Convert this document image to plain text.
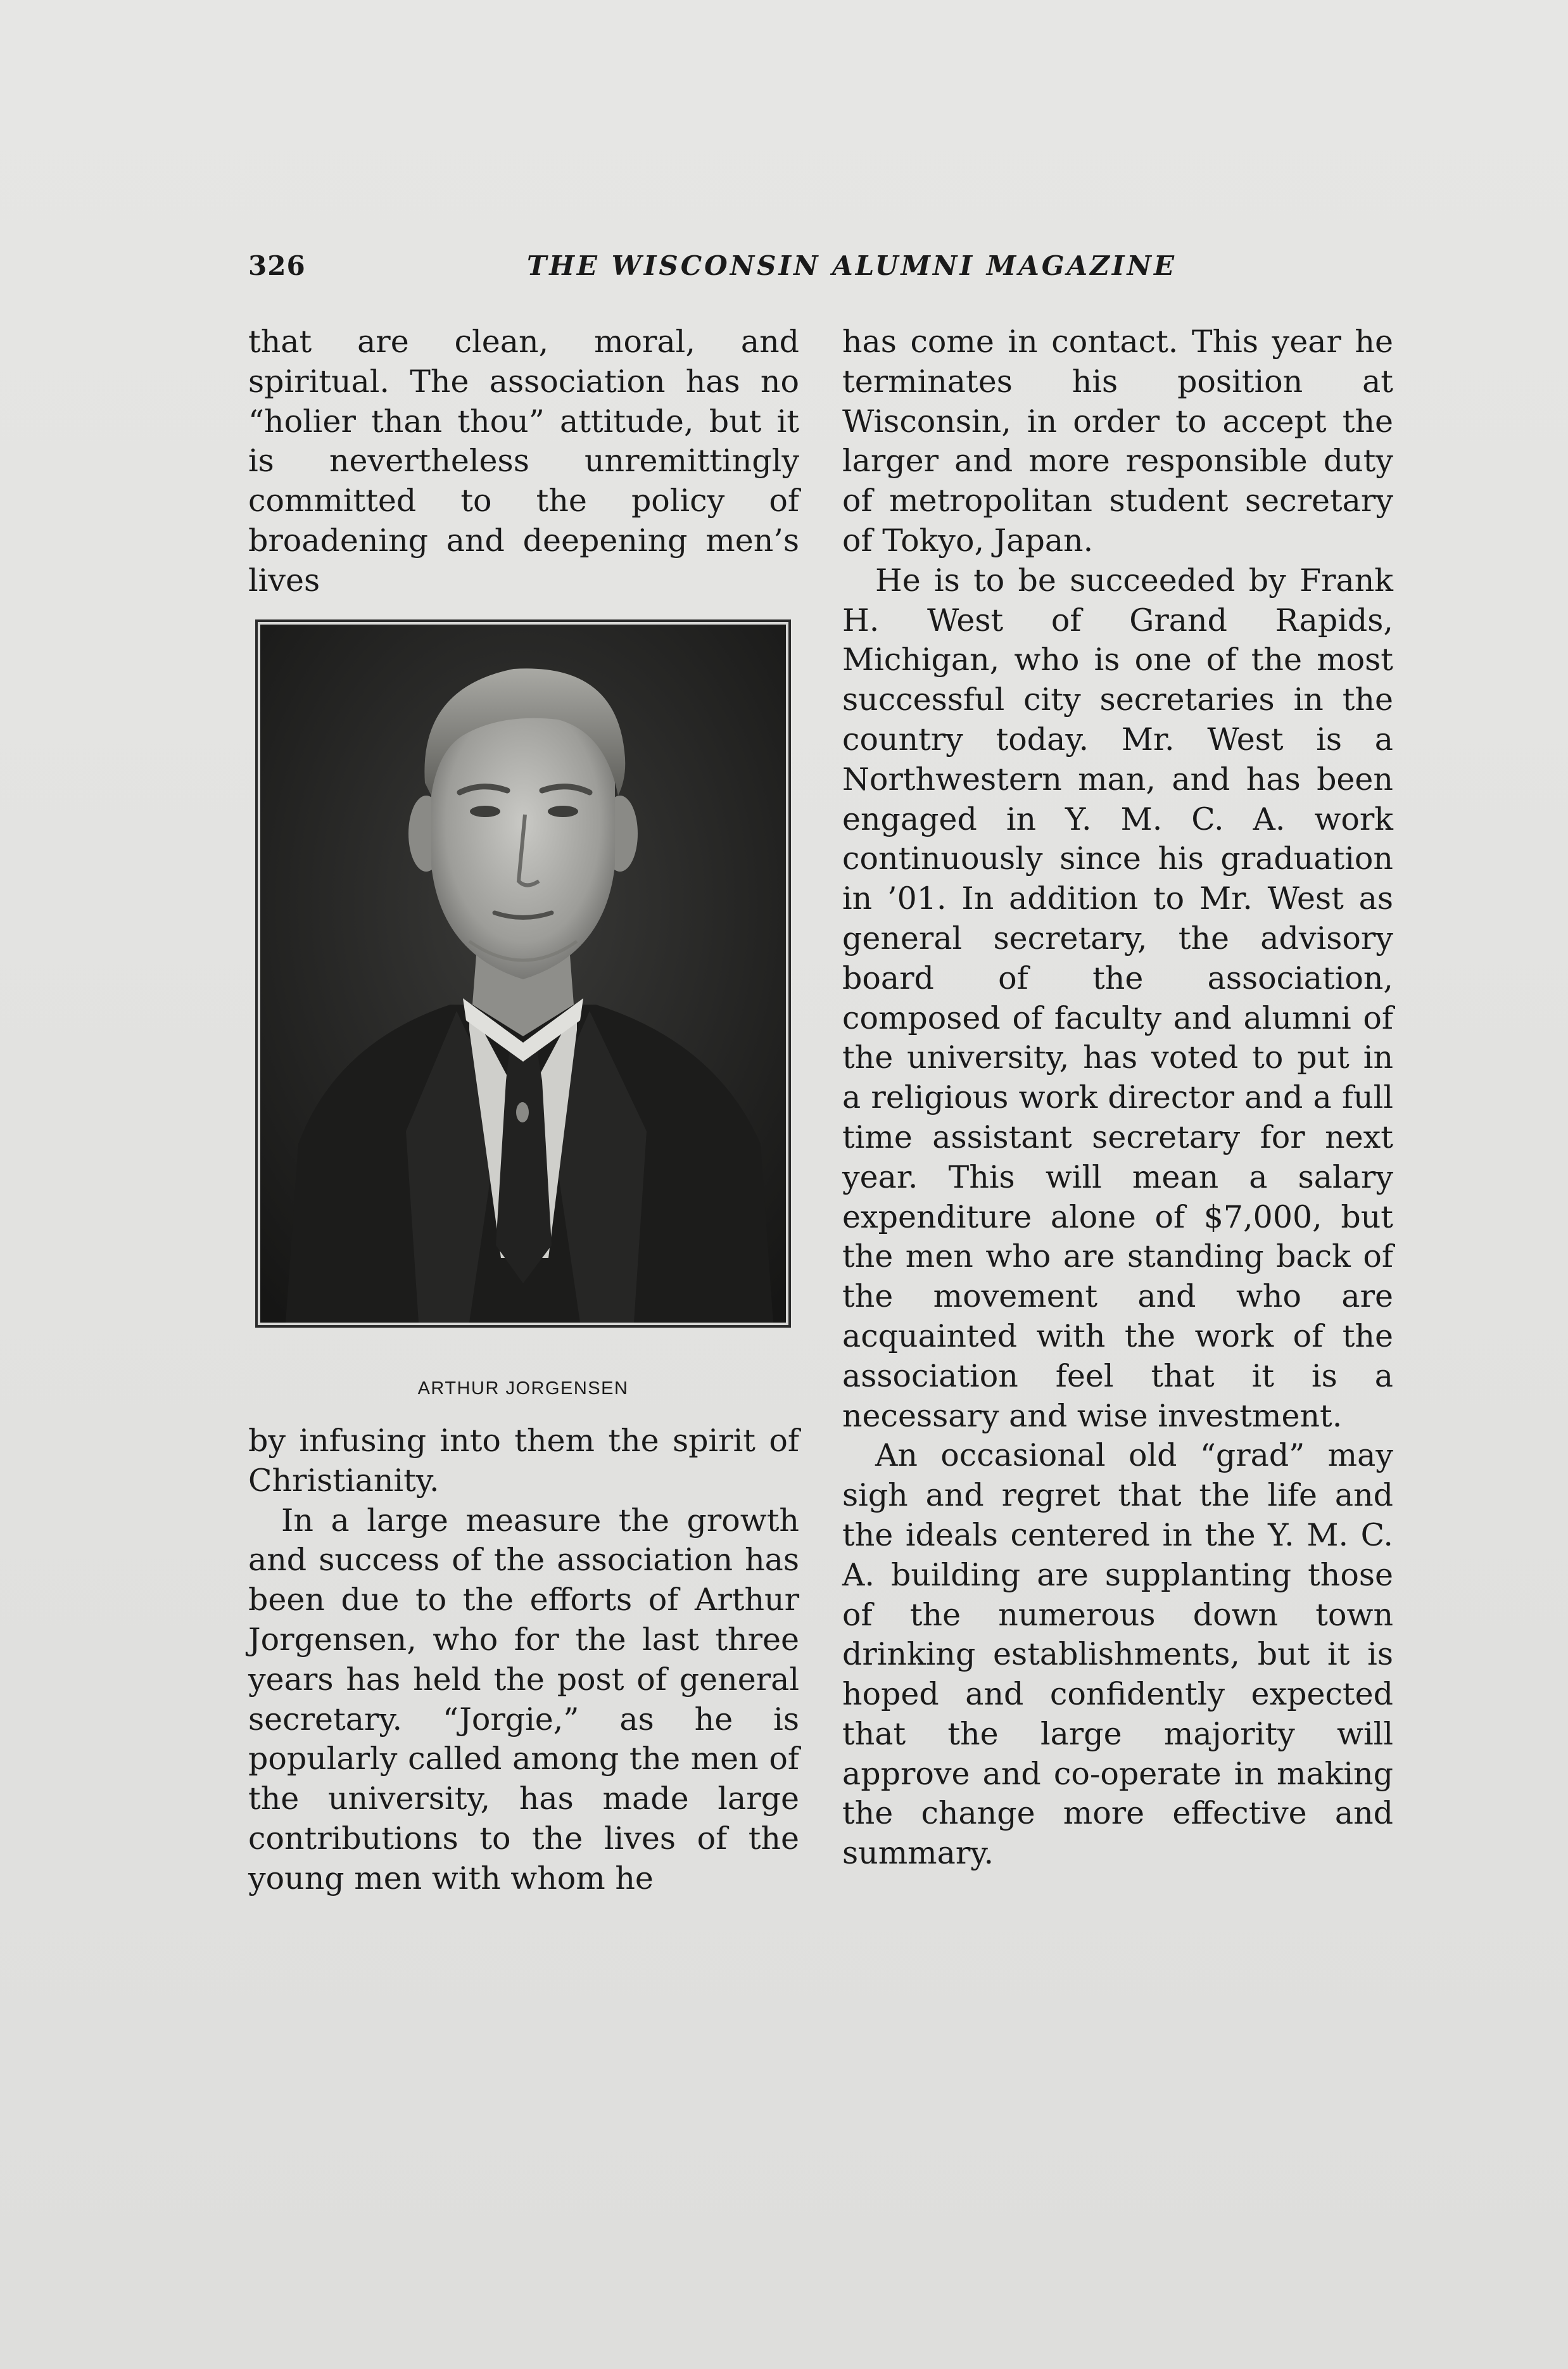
326	THE WISCONSIN ALUMNI MAGAZINE

that are clean, moral, and spiritual. The association has no “holier than thou” attitude, but it is nevertheless unremittingly committed to the policy of broadening and deepening men’s lives

ARTHUR JORGENSEN

by infusing into them the spirit of Christianity.

In a large measure the growth and success of the association has been due to the efforts of Arthur Jorgensen, who for the last three years has held the post of general secretary. “Jorgie,” as he is popularly called among the men of the university, has made large contributions to the lives of the young men with whom he

has come in contact. This year he terminates his position at Wisconsin, in order to accept the larger and more responsible duty of metropolitan student secretary of Tokyo, Japan.

He is to be succeeded by Frank H. West of Grand Rapids, Michigan, who is one of the most successful city secretaries in the country today. Mr. West is a Northwestern man, and has been engaged in Y. M. C. A. work continuously since his graduation in ’01. In addition to Mr. West as general secretary, the advisory board of the association, composed of faculty and alumni of the university, has voted to put in a religious work director and a full time assistant secretary for next year. This will mean a salary expenditure alone of $7,000, but the men who are standing back of the movement and who are acquainted with the work of the association feel that it is a necessary and wise investment.

An occasional old “grad” may sigh and regret that the life and the ideals centered in the Y. M. C. A. building are supplanting those of the numerous down town drinking establishments, but it is hoped and confidently expected that the large majority will approve and co-operate in making the change more effective and summary.
